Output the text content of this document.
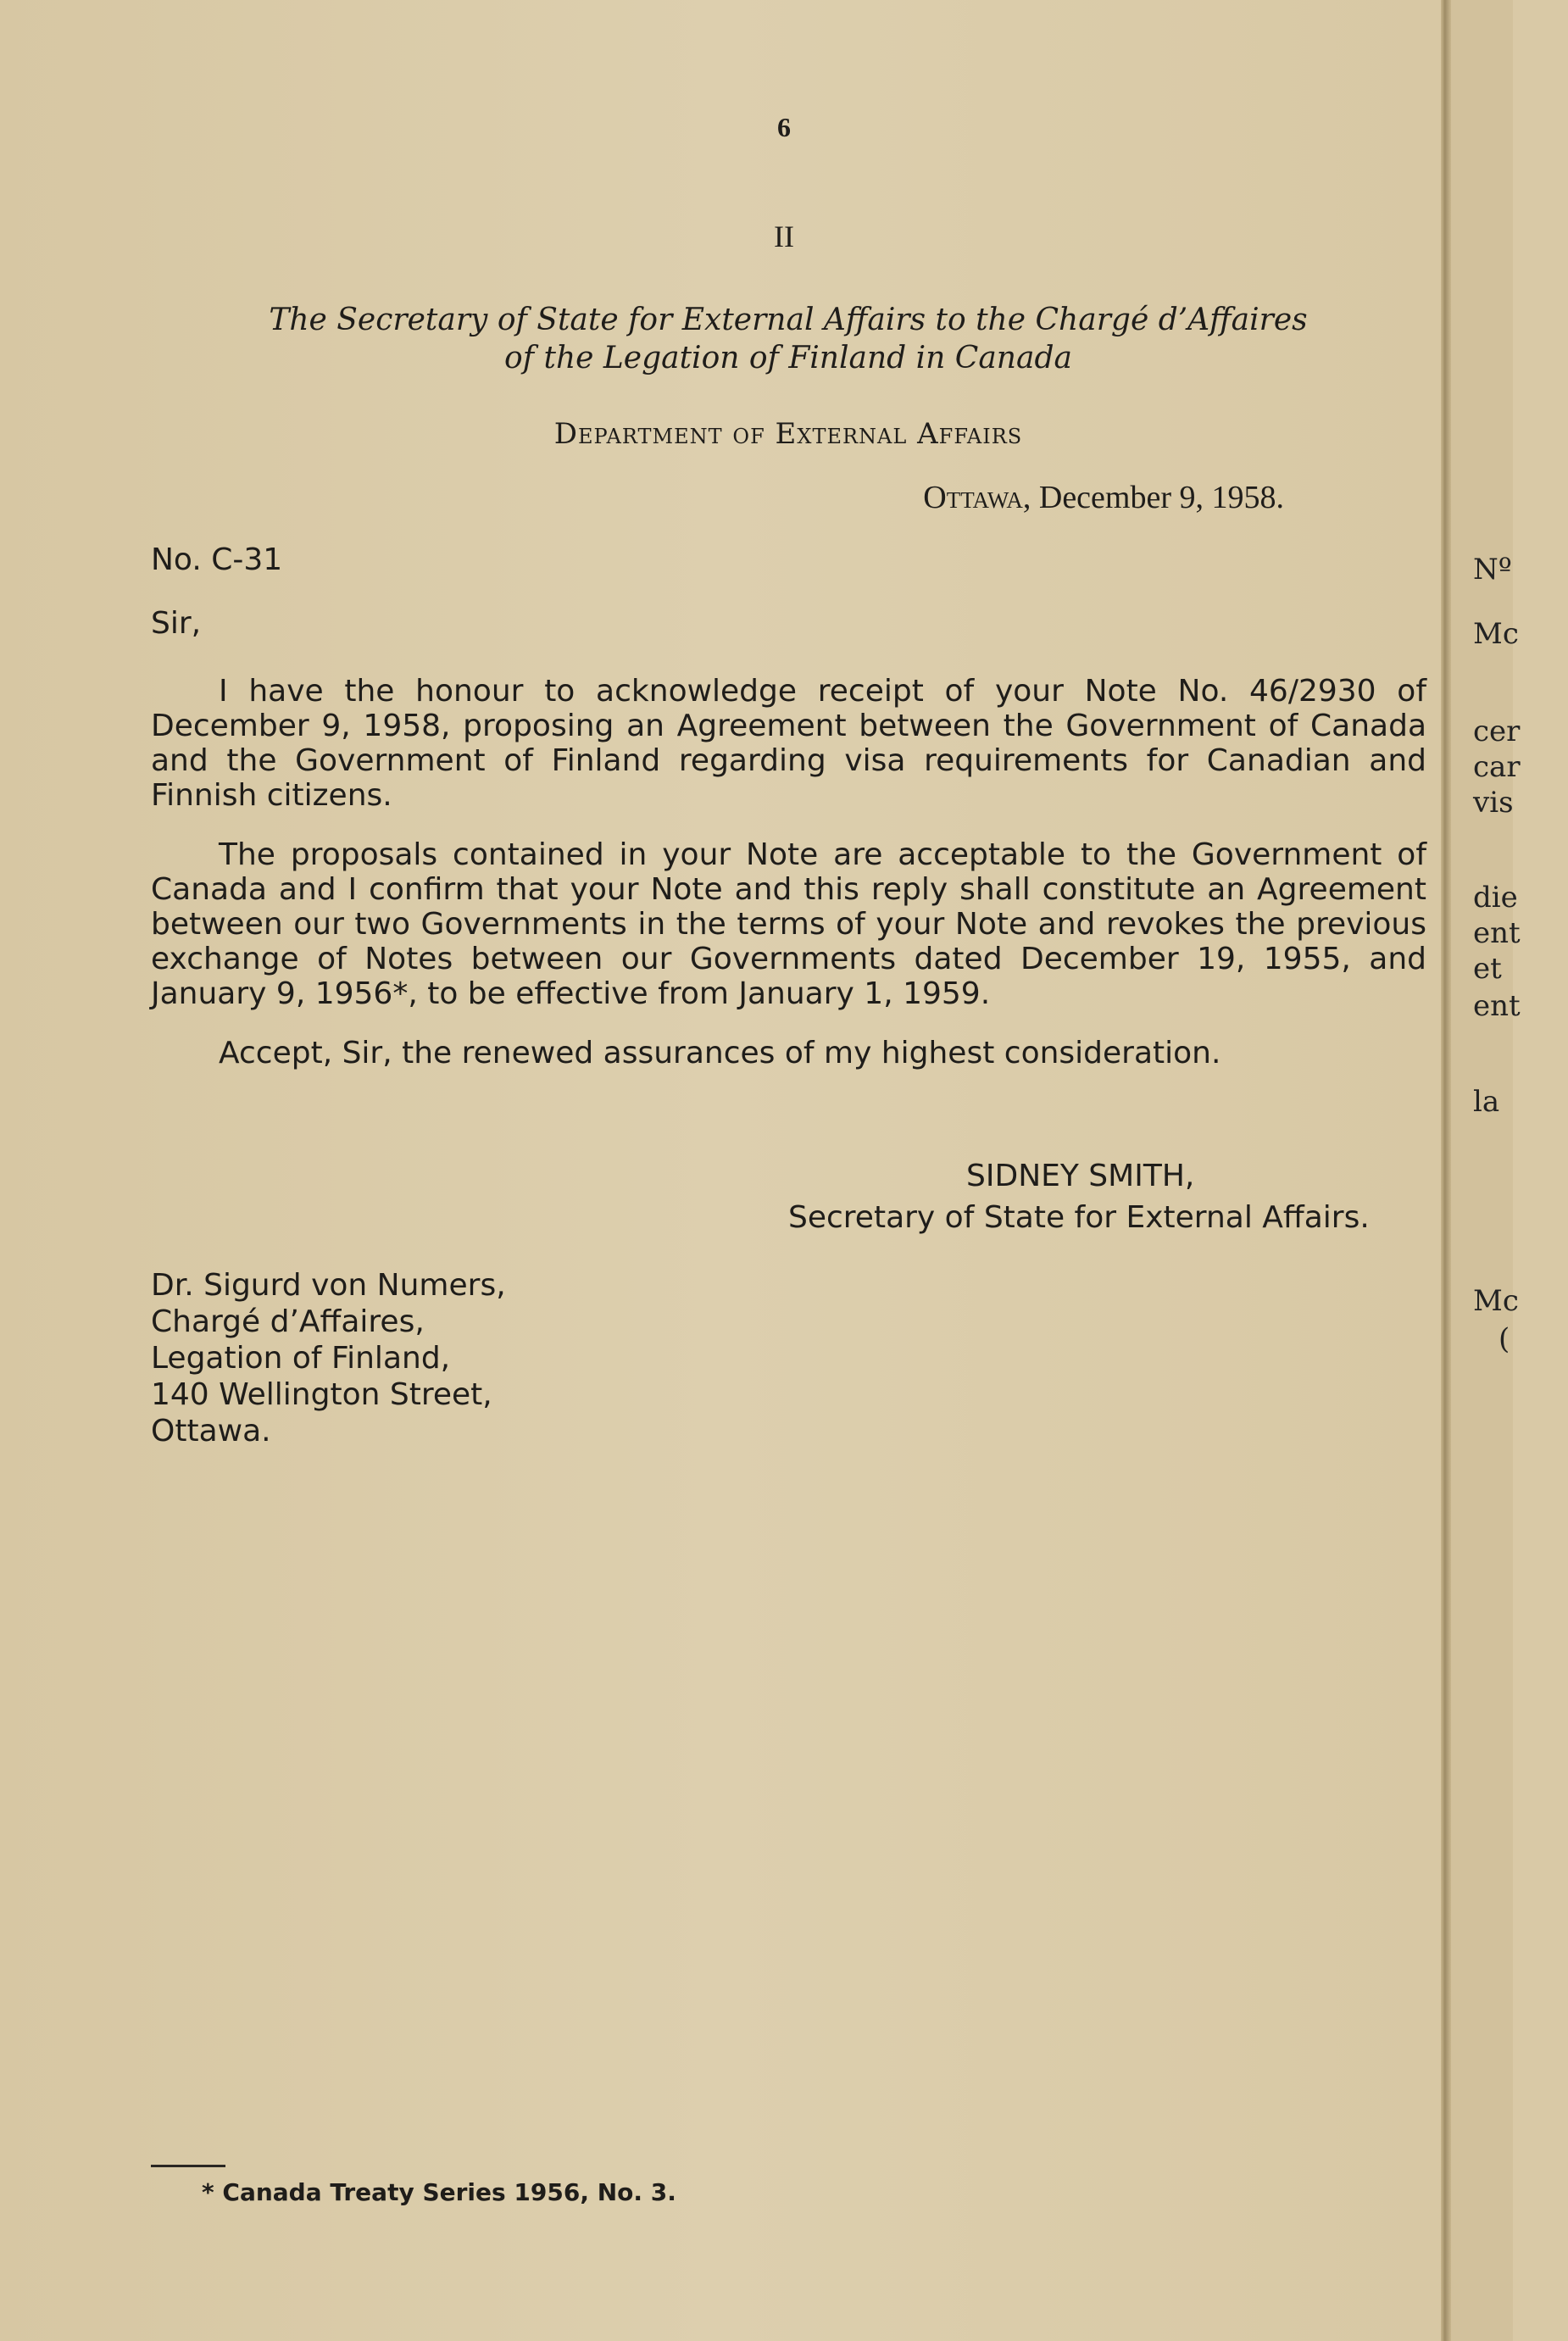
6
II
The Secretary of State for External Affairs to the Chargé d’Affaires
of the Legation of Finland in Canada
Department of External Affairs
Ottawa, December 9, 1958.
No. C-31
Sir,
I have the honour to acknowledge receipt of your Note No. 46/2930 of December 9, 1958, proposing an Agreement between the Government of Canada and the Government of Finland regarding visa requirements for Canadian and Finnish citizens.
The proposals contained in your Note are acceptable to the Government of Canada and I confirm that your Note and this reply shall constitute an Agreement between our two Governments in the terms of your Note and revokes the previous exchange of Notes between our Governments dated December 19, 1955, and January 9, 1956*, to be effective from January 1, 1959.
Accept, Sir, the renewed assurances of my highest consideration.
SIDNEY SMITH,
Secretary of State for External Affairs.
Dr. Sigurd von Numers,
Chargé d’Affaires,
Legation of Finland,
140 Wellington Street,
Ottawa.
* Canada Treaty Series 1956, No. 3.
Nº
Mc
cer
car
vis
die
ent
et
ent
la
Mc
(
